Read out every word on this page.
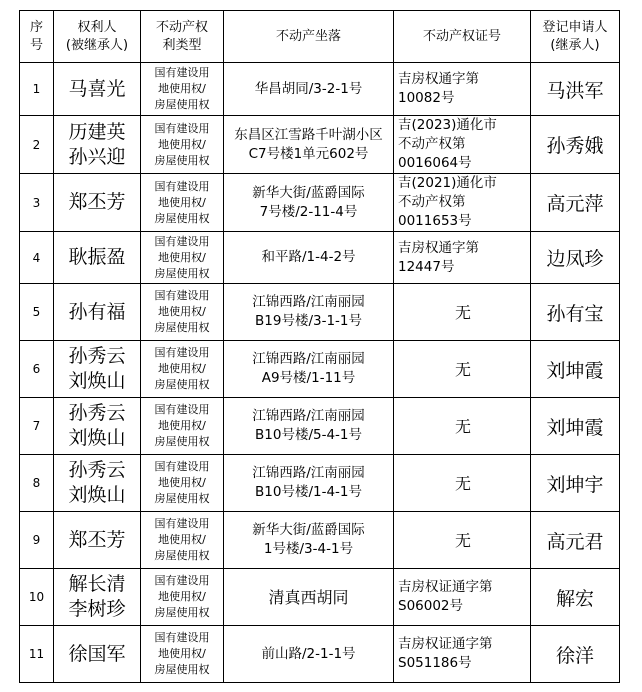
序
号	权利人
(被继承人)	不动产权
利类型	不动产坐落	不动产权证号	登记申请人
(继承人)

1	马喜光	国有建设用
地使用权/
房屋使用权	华昌胡同/3-2-1号	吉房权通字第
10082号	马洪军
2	历建英
孙兴迎	国有建设用
地使用权/
房屋使用权	东昌区江雪路千叶湖小区
C7号楼1单元602号	吉(2023)通化市
不动产权第
0016064号	孙秀娥
3	郑丕芳	国有建设用
地使用权/
房屋使用权	新华大街/蓝爵国际
7号楼/2-11-4号	吉(2021)通化市
不动产权第
0011653号	高元萍
4	耿振盈	国有建设用
地使用权/
房屋使用权	和平路/1-4-2号	吉房权通字第
12447号	边凤珍
5	孙有福	国有建设用
地使用权/
房屋使用权	江锦西路/江南丽园
B19号楼/3-1-1号	无	孙有宝
6	孙秀云
刘焕山	国有建设用
地使用权/
房屋使用权	江锦西路/江南丽园
A9号楼/1-11号	无	刘坤霞
7	孙秀云
刘焕山	国有建设用
地使用权/
房屋使用权	江锦西路/江南丽园
B10号楼/5-4-1号	无	刘坤霞
8	孙秀云
刘焕山	国有建设用
地使用权/
房屋使用权	江锦西路/江南丽园
B10号楼/1-4-1号	无	刘坤宇
9	郑丕芳	国有建设用
地使用权/
房屋使用权	新华大街/蓝爵国际
1号楼/3-4-1号	无	高元君
10	解长清
李树珍	国有建设用
地使用权/
房屋使用权	清真西胡同	吉房权证通字第
S06002号	解宏
11	徐国军	国有建设用
地使用权/
房屋使用权	前山路/2-1-1号	吉房权证通字第
S051186号	徐洋
